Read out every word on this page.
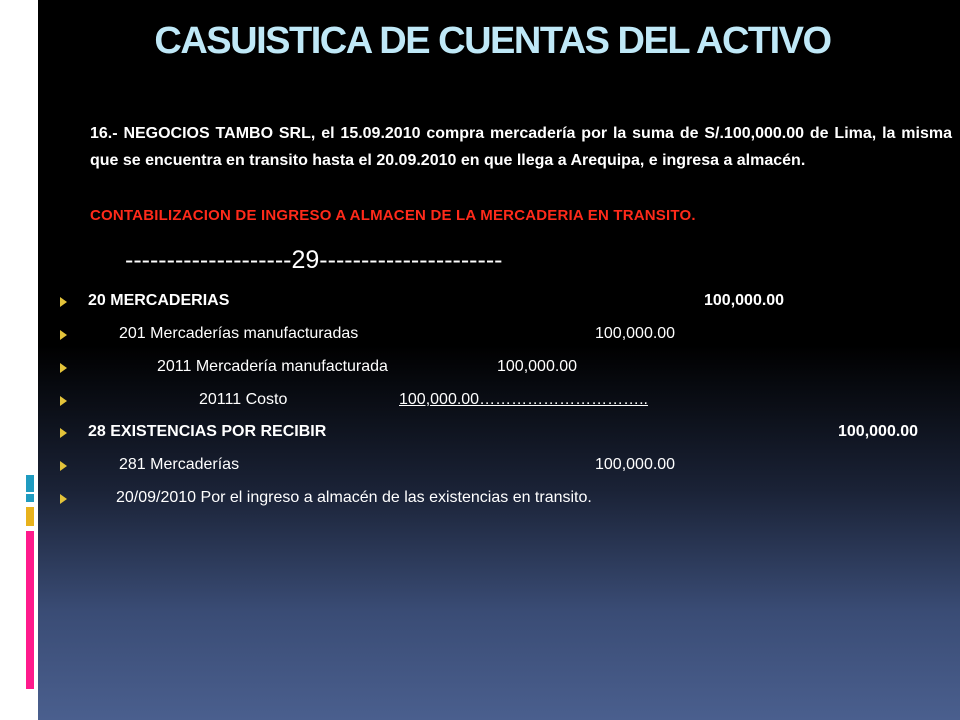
CASUISTICA DE CUENTAS DEL ACTIVO
16.- NEGOCIOS TAMBO SRL, el 15.09.2010 compra mercadería por la suma de S/.100,000.00 de Lima, la misma que se encuentra en transito hasta el 20.09.2010 en que llega a Arequipa, e ingresa a almacén.
CONTABILIZACION DE INGRESO A ALMACEN DE LA MERCADERIA EN TRANSITO.
--------------------29----------------------
20 MERCADERIAS	100,000.00
201 Mercaderías manufacturadas	100,000.00
2011 Mercadería manufacturada	100,000.00
20111 Costo	100,000.00…………………………..
28 EXISTENCIAS POR RECIBIR	100,000.00
281 Mercaderías	100,000.00
20/09/2010 Por el ingreso a almacén de las existencias en transito.
